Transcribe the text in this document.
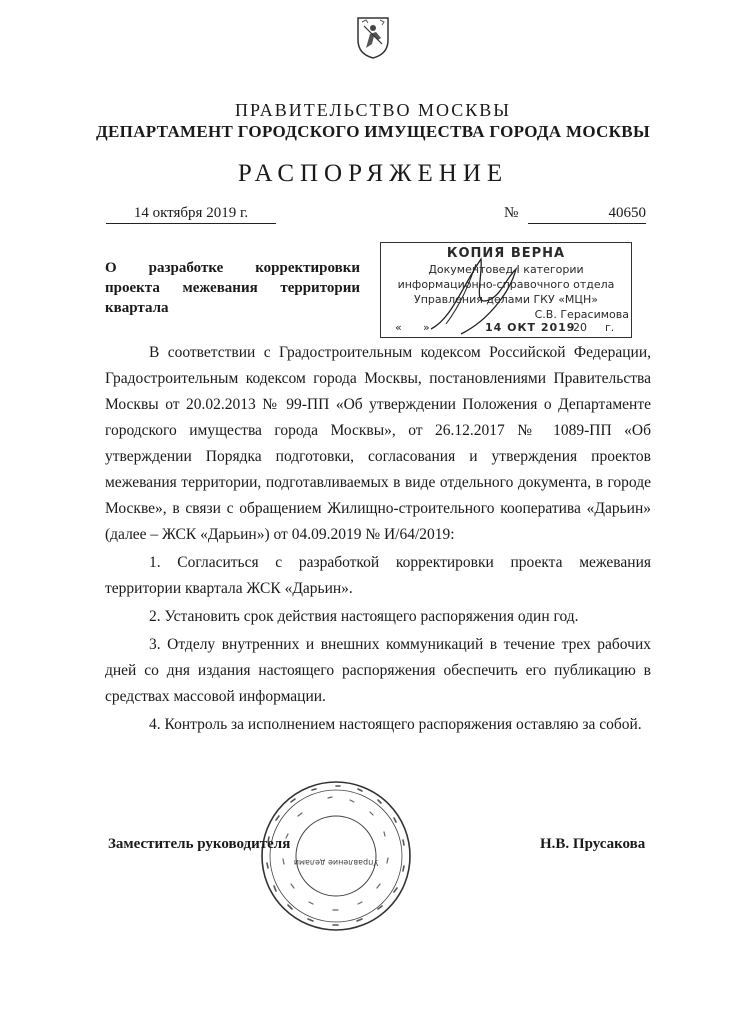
ПРАВИТЕЛЬСТВО МОСКВЫ
ДЕПАРТАМЕНТ ГОРОДСКОГО ИМУЩЕСТВА ГОРОДА МОСКВЫ
РАСПОРЯЖЕНИЕ
14 октября 2019 г.	№	40650
О разработке корректировки проекта межевания территории квартала
КОПИЯ ВЕРНА
Документовед I категории
информационно-справочного отдела
Управления делами ГКУ «МЦН»
С.В. Герасимова
« »	14 ОКТ 2019
20 г.

В соответствии с Градостроительным кодексом Российской Федерации, Градостроительным кодексом города Москвы, постановлениями Правительства Москвы от 20.02.2013 № 99-ПП «Об утверждении Положения о Департаменте городского имущества города Москвы», от 26.12.2017 № 1089-ПП «Об утверждении Порядка подготовки, согласования и утверждения проектов межевания территории, подготавливаемых в виде отдельного документа, в городе Москве», в связи с обращением Жилищно-строительного кооператива «Дарьин» (далее – ЖСК «Дарьин») от 04.09.2019 № И/64/2019:

1. Согласиться с разработкой корректировки проекта межевания территории квартала ЖСК «Дарьин».

2. Установить срок действия настоящего распоряжения один год.

3. Отделу внутренних и внешних коммуникаций в течение трех рабочих дней со дня издания настоящего распоряжения обеспечить его публикацию в средствах массовой информации.

4. Контроль за исполнением настоящего распоряжения оставляю за собой.

Управление делами
Заместитель руководителя	Н.В. Прусакова
